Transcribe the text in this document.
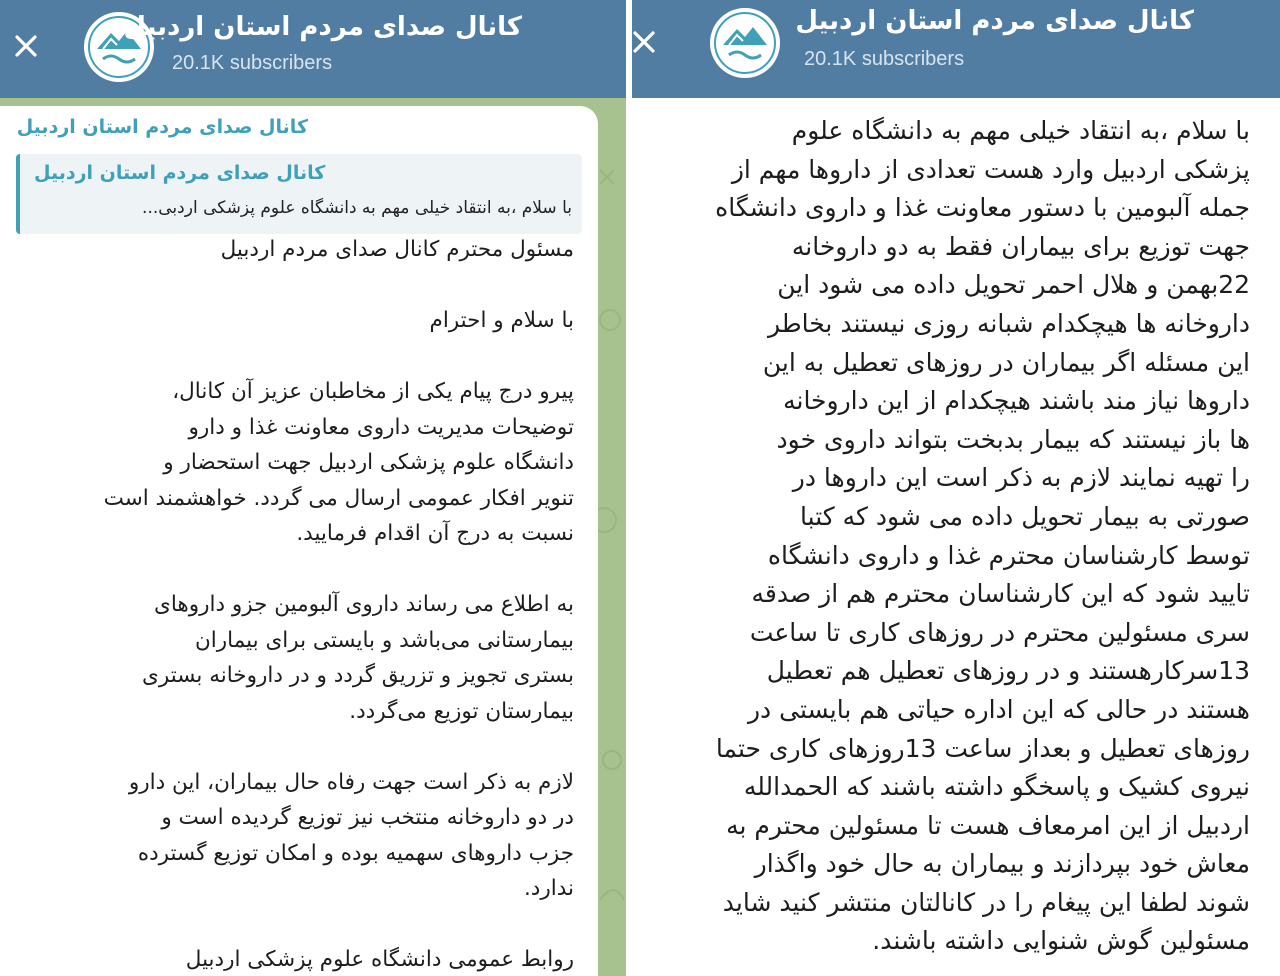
کانال صدای مردم استان اردبیل
20.1K subscribers
کانال صدای مردم استان اردبیل
کانال صدای مردم استان اردبیل
با سلام ،به انتقاد خیلی مهم به دانشگاه علوم پزشکی اردبی...
مسئول محترم کانال صدای مردم اردبیل
با سلام و احترام
پیرو درج پیام یکی از مخاطبان عزیز آن کانال،
توضیحات مدیریت داروی معاونت غذا و دارو
دانشگاه علوم پزشکی اردبیل جهت استحضار و
تنویر افکار عمومی ارسال می گردد. خواهشمند است
نسبت به درج آن اقدام فرمایید.
به اطلاع می رساند داروی آلبومین جزو داروهای
بیمارستانی می‌باشد و بایستی برای بیماران
بستری تجویز و تزریق گردد و در داروخانه بستری
بیمارستان توزیع می‌گردد.
لازم به ذکر است جهت رفاه حال بیماران، این دارو
در دو داروخانه منتخب نیز توزیع گردیده است و
جزب داروهای سهمیه بوده و امکان توزیع گسترده
ندارد.
روابط عمومی دانشگاه علوم پزشکی اردبیل
کانال صدای مردم استان اردبیل
20.1K subscribers
با سلام ،به انتقاد خیلی مهم به دانشگاه علوم
پزشکی اردبیل وارد هست تعدادی از داروها مهم از
جمله آلبومین با دستور معاونت غذا و داروی دانشگاه
جهت توزیع برای بیماران فقط به دو داروخانه
22بهمن و هلال احمر تحویل داده می شود این
داروخانه ها هیچکدام شبانه روزی نیستند بخاطر
این مسئله اگر بیماران در روزهای تعطیل به این
داروها نیاز مند باشند هیچکدام از این داروخانه
ها باز نیستند که بیمار بدبخت بتواند داروی خود
را تهیه نمایند لازم به ذکر است این داروها در
صورتی به بیمار تحویل داده می شود که کتبا
توسط کارشناسان محترم غذا و داروی دانشگاه
تایید شود که این کارشناسان محترم هم از صدقه
سری مسئولین محترم در روزهای کاری تا ساعت
13سرکارهستند و در روزهای تعطیل هم تعطیل
هستند در حالی که این اداره حیاتی هم بایستی در
روزهای تعطیل و بعداز ساعت 13روزهای کاری حتما
نیروی کشیک و پاسخگو داشته باشند که الحمدالله
اردبیل از این امرمعاف هست تا مسئولین محترم به
معاش خود بپردازند و بیماران به حال خود واگذار
شوند لطفا این پیغام را در کانالتان منتشر کنید شاید
مسئولین گوش شنوایی داشته باشند.
